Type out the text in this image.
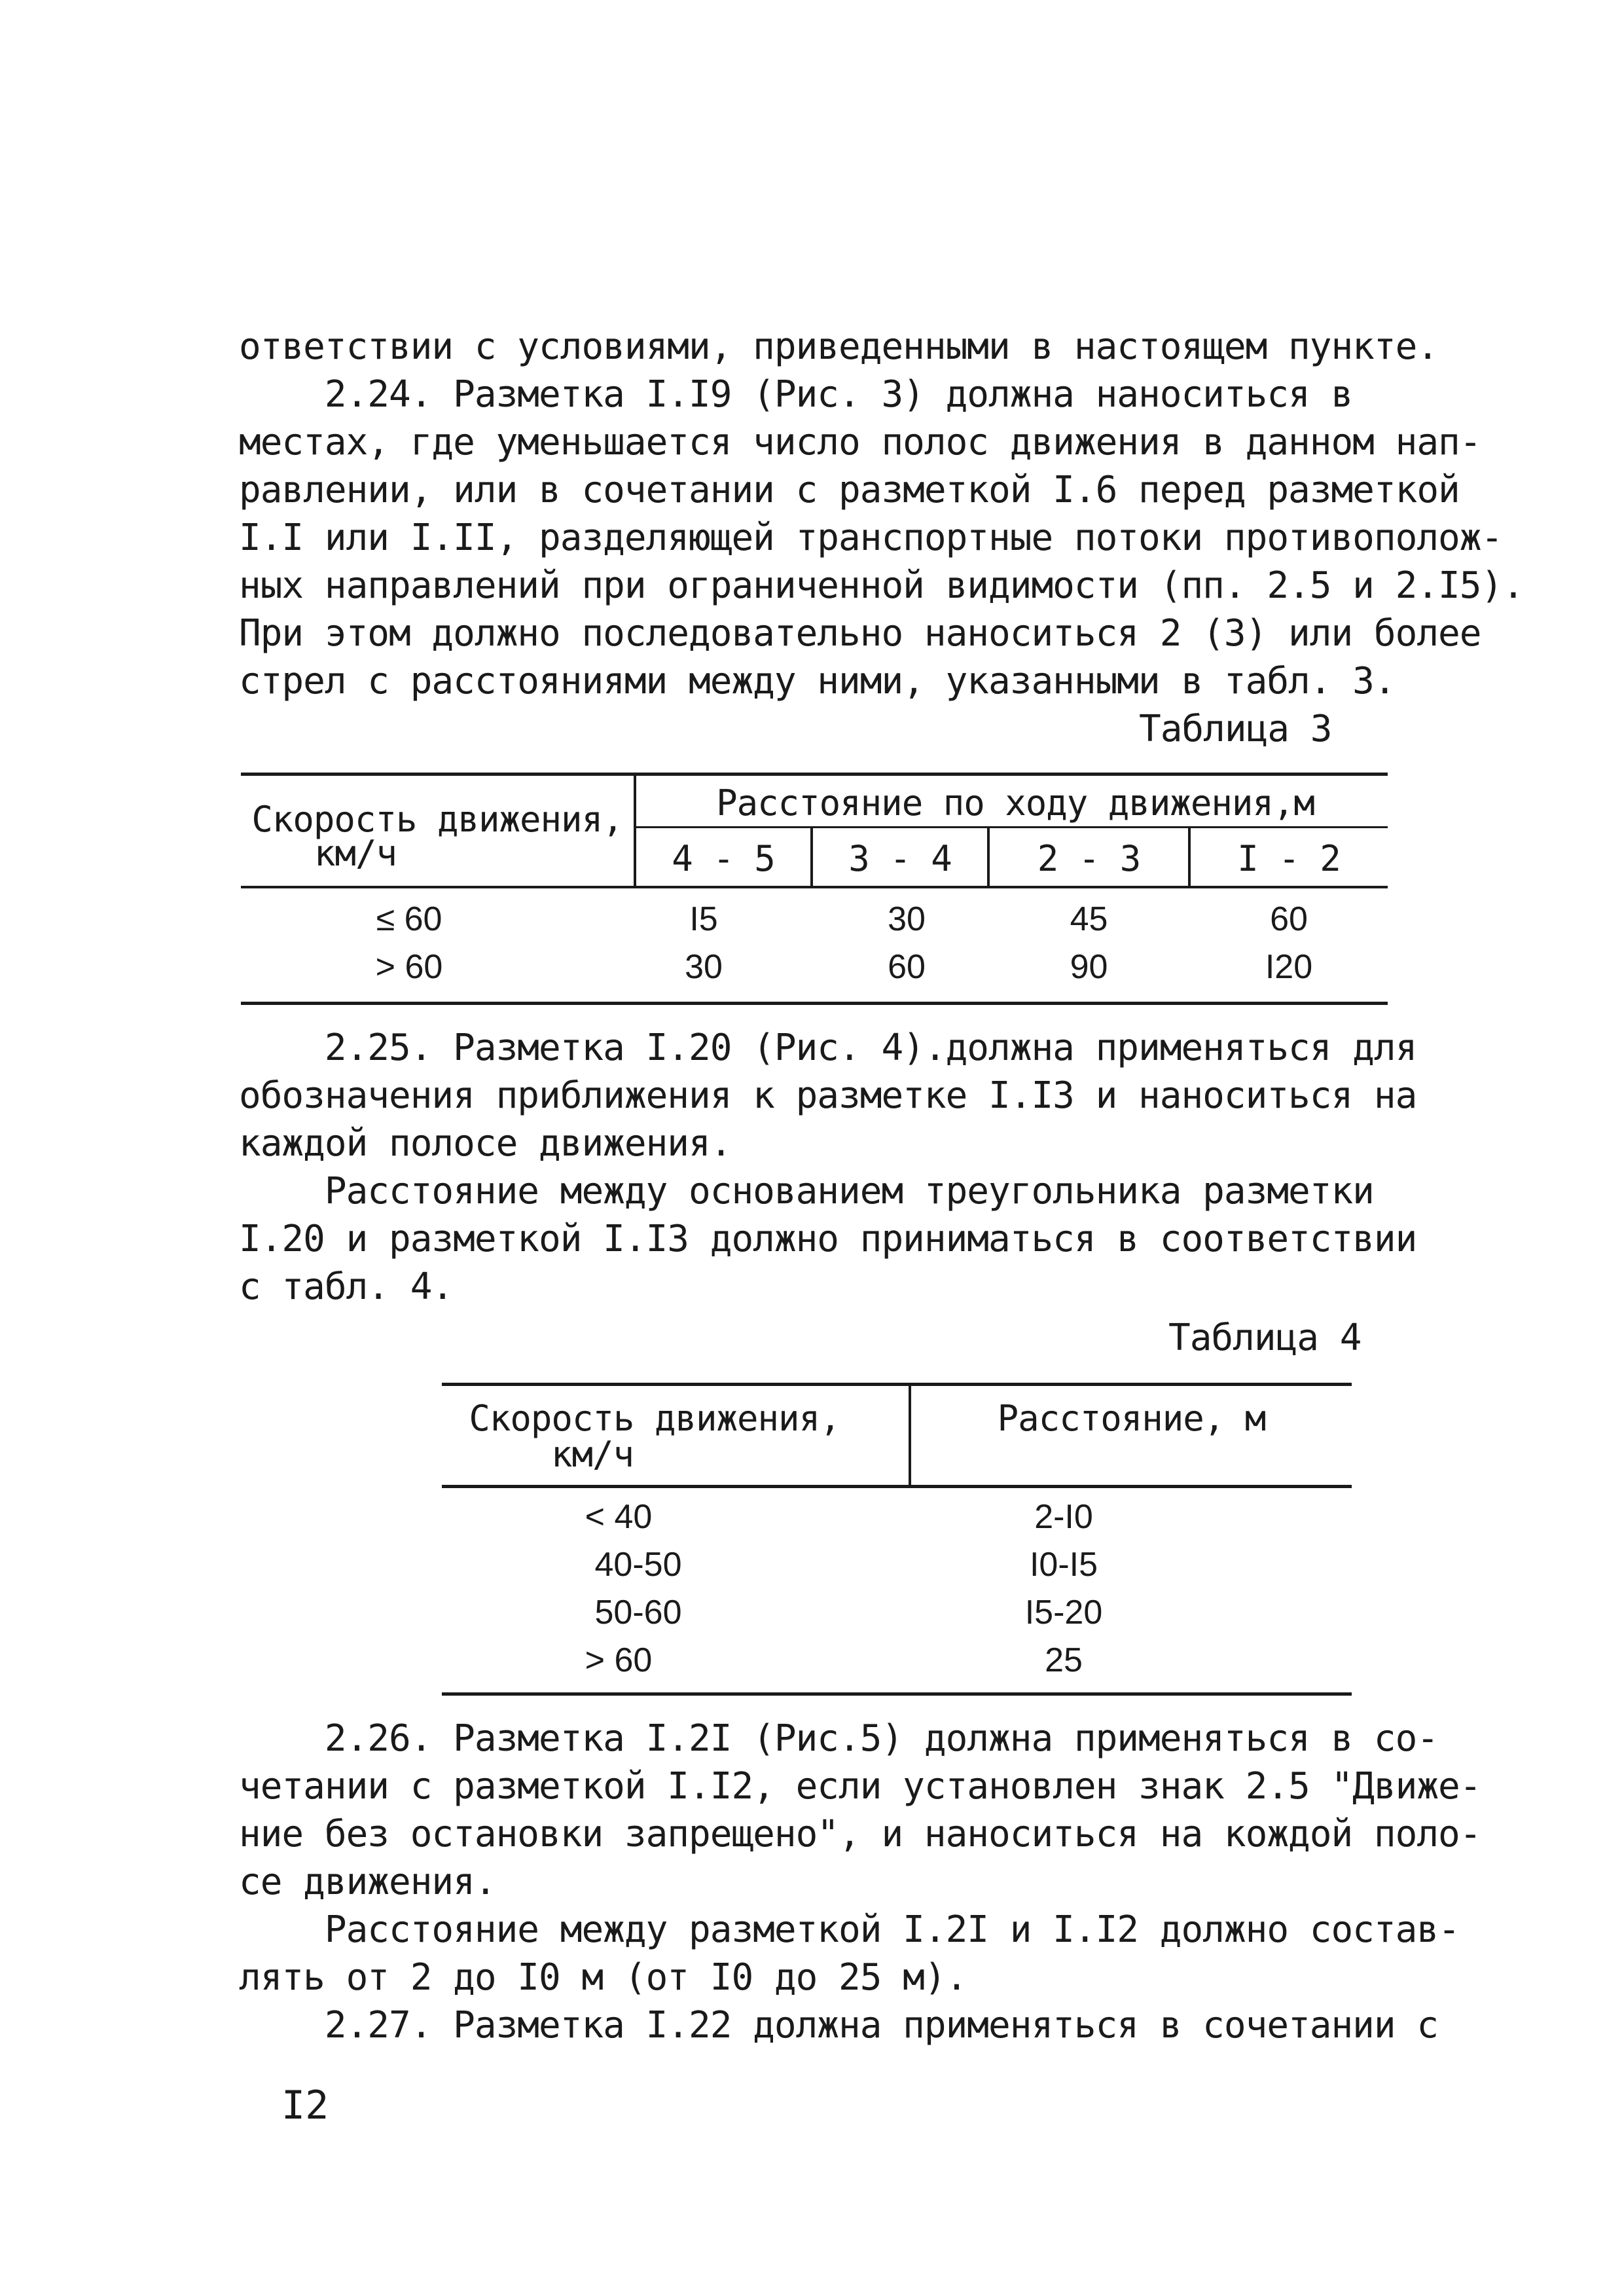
ответствии с условиями, приведенными в настоящем пункте.
2.24. Разметка I.I9 (Рис. 3) должна наноситься в
местах, где уменьшается число полос движения в данном нап-
равлении, или в сочетании с разметкой I.6 перед разметкой
I.I или I.II, разделяющей транспортные потоки противополож-
ных направлений при ограниченной видимости (пп. 2.5 и 2.I5).
При этом должно последовательно наноситься 2 (3) или более
стрел с расстояниями между ними, указанными в табл. 3.
Таблица 3
Скорость движения,
км/ч
Расстояние по ходу движения,м
4 - 5	3 - 4	2 - 3	I - 2
≤ 60	I5	30	45	60
> 60	30	60	90	I20
2.25. Разметка I.20 (Рис. 4).должна применяться для
обозначения приближения к разметке I.I3 и наноситься на
каждой полосе движения.
Расстояние между основанием треугольника разметки
I.20 и разметкой I.I3 должно приниматься в соответствии
с табл. 4.
Таблица 4
Скорость движения,
км/ч
Расстояние, м
< 40	2-I0
40-50	I0-I5
50-60	I5-20
> 60	25
2.26. Разметка I.2I (Рис.5) должна применяться в со-
четании с разметкой I.I2, если установлен знак 2.5 "Движе-
ние без остановки запрещено", и наноситься на кождой поло-
се движения.
Расстояние между разметкой I.2I и I.I2 должно состав-
лять от 2 до I0 м (от I0 до 25 м).
2.27. Разметка I.22 должна применяться в сочетании с
I2
